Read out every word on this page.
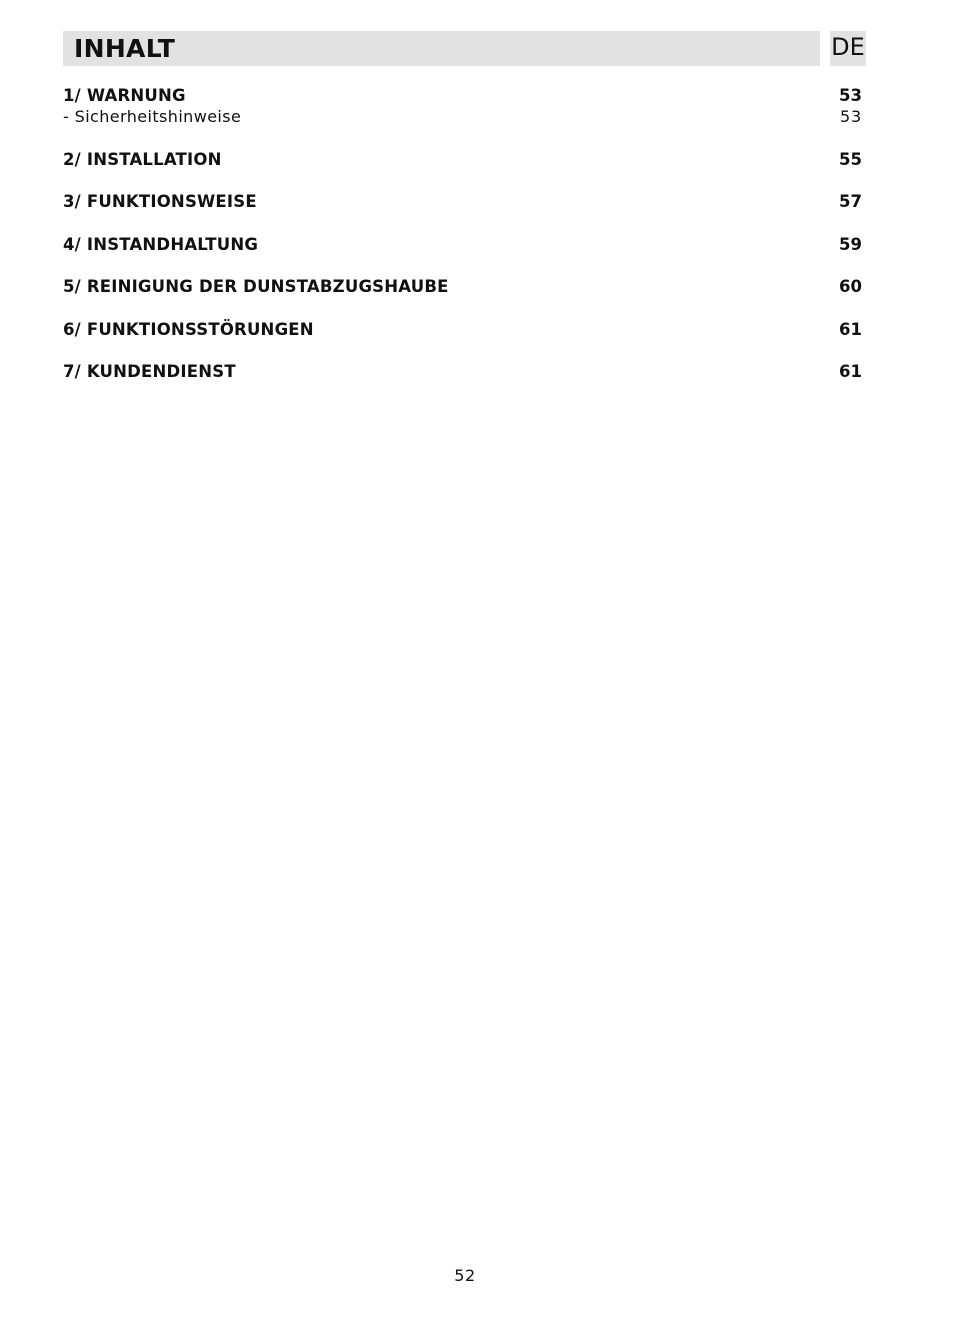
INHALT	DE
1/ WARNUNG	53
- Sicherheitshinweise	53
2/ INSTALLATION	55
3/ FUNKTIONSWEISE	57
4/ INSTANDHALTUNG	59
5/ REINIGUNG DER DUNSTABZUGSHAUBE	60
6/ FUNKTIONSSTÖRUNGEN	61
7/ KUNDENDIENST	61
52
